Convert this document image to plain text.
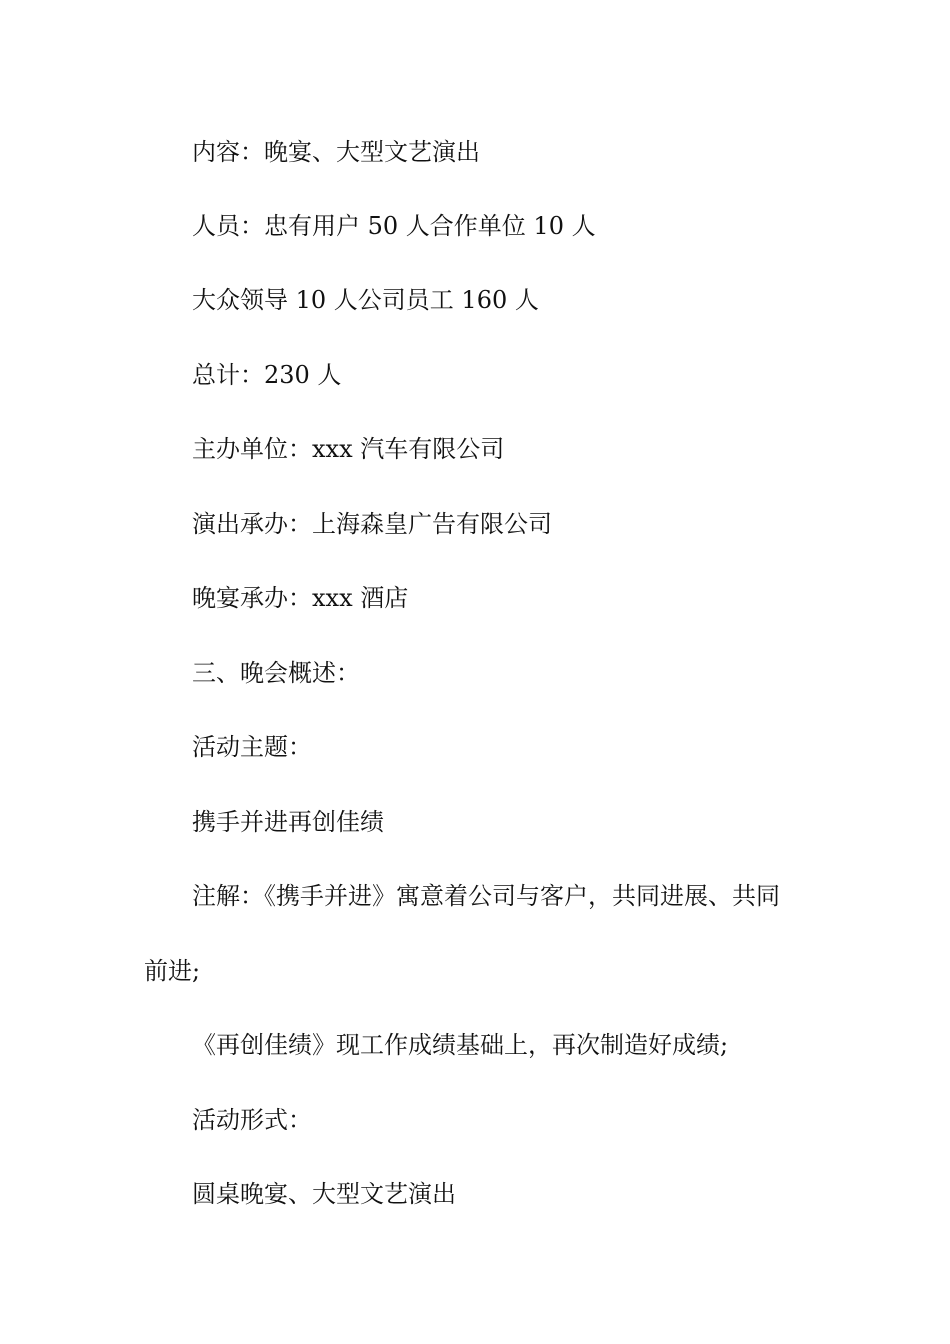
内容：晚宴、大型文艺演出
人员：忠有用户 50 人合作单位 10 人
大众领导 10 人公司员工 160 人
总计：230 人
主办单位：xxx 汽车有限公司
演出承办：上海森皇广告有限公司
晚宴承办：xxx 酒店
三、晚会概述：
活动主题：
携手并进再创佳绩
注解：《携手并进》寓意着公司与客户，共同进展、共同
前进;
《再创佳绩》现工作成绩基础上，再次制造好成绩;
活动形式：
圆桌晚宴、大型文艺演出
